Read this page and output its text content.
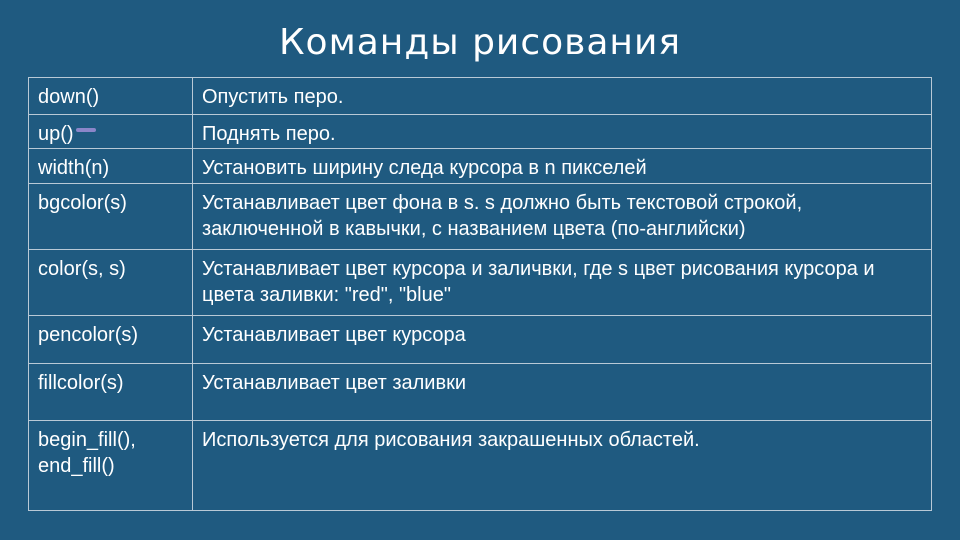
Команды рисования
down()	Опустить перо.
up()	Поднять перо.
width(n)	Установить ширину следа курсора в n пикселей
bgcolor(s)	Устанавливает цвет фона в s. s должно быть текстовой строкой, заключенной в кавычки, с названием цвета (по-английски)
color(s, s)	Устанавливает цвет курсора и заличвки, где s цвет рисования курсора и цвета заливки: "red", "blue"
pencolor(s)	Устанавливает цвет курсора
fillcolor(s)	Устанавливает цвет заливки
begin_fill(), end_fill()	Используется для рисования закрашенных областей.
